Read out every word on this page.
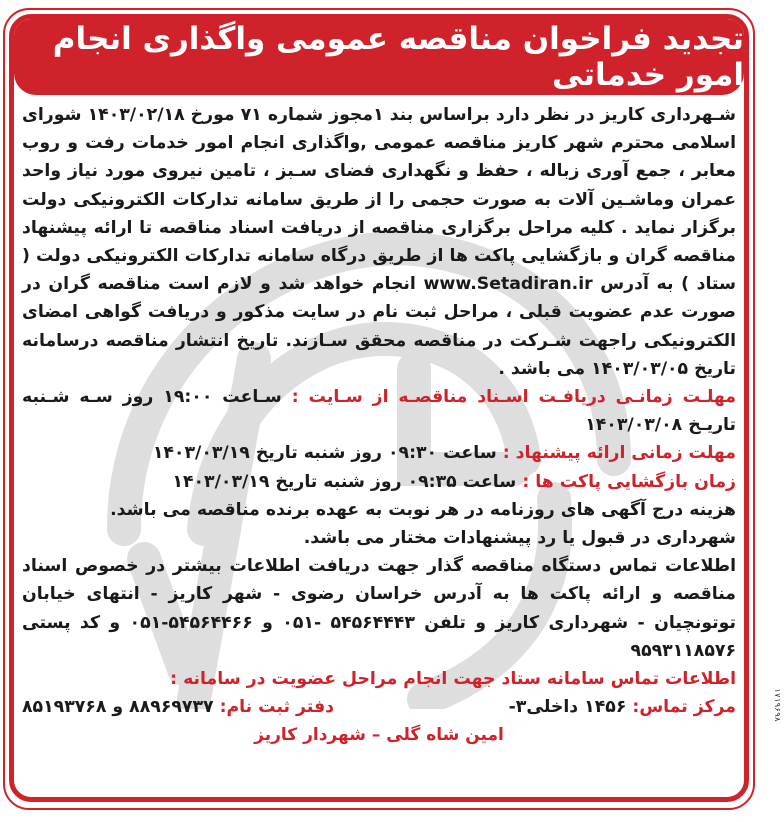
تجدید فراخوان مناقصه عمومی واگذاری انجام امور خدماتی

شـهرداری کاریز در نظر دارد براساس بند ۱مجوز شماره ۷۱ مورخ ۱۴۰۳/۰۲/۱۸ شورای اسلامی محترم شهر کاریز مناقصه عمومی ,واگذاری انجام امور خدمات رفت و روب معابر ، جمع آوری زباله ، حفظ و نگهداری فضای سـبز ، تامین نیروی مورد نیاز واحد عمران وماشـین آلات به صورت حجمی را از طریق سامانه تدارکات الکترونیکی دولت برگزار نماید . کلیه مراحل برگزاری مناقصه از دریافت اسناد مناقصه تا ارائه پیشنهاد مناقصه گران و بازگشایی پاکت ها از طریق درگاه سامانه تدارکات الکترونیکی دولت ( ستاد ) به آدرس www.Setadiran.ir انجام خواهد شد و لازم است مناقصه گران در صورت عدم عضویت قبلی ، مراحل ثبت نام در سایت مذکور و دریافت گواهی امضای الکترونیکی راجهت شـرکت در مناقصه محقق سـازند. تاریخ انتشار مناقصه درسامانه تاریخ ۱۴۰۳/۰۳/۰۵ می باشد .

مهلـت زمانـی دریافـت اسـناد مناقصـه از سـایت : سـاعت ۱۹:۰۰ روز سـه شـنبه تاریـخ ۱۴۰۳/۰۳/۰۸

مهلت زمانی ارائه پیشنهاد : ساعت ۰۹:۳۰ روز شنبه تاریخ ۱۴۰۳/۰۳/۱۹

زمان بازگشایی پاکت ها : ساعت ۰۹:۳۵ روز شنبه تاریخ ۱۴۰۳/۰۳/۱۹

هزینه درج آگهی های روزنامه در هر نوبت به عهده برنده مناقصه می باشد.

شهرداری در قبول یا رد پیشنهادات مختار می باشد.

اطلاعات تماس دستگاه مناقصه گذار جهت دریافت اطلاعات بیشتر در خصوص اسناد مناقصه و ارائه پاکت ها به آدرس خراسان رضوی - شهر کاریز - انتهای خیابان توتونچیان - شهرداری کاریز و تلفن ۵۴۵۶۴۴۴۳ -۰۵۱ و ۵۴۵۶۴۴۶۶-۰۵۱ و کد پستی ۹۵۹۳۱۱۸۵۷۶

اطلاعات تماس سامانه ستاد جهت انجام مراحل عضویت در سامانه :

مرکز تماس: ۱۴۵۶ داخلی۳-
دفتر ثبت نام: ۸۸۹۶۹۷۳۷ و ۸۵۱۹۳۷۶۸

امین شاه گلی – شهردار کاریز

۱۷۱۹۶۹۸
